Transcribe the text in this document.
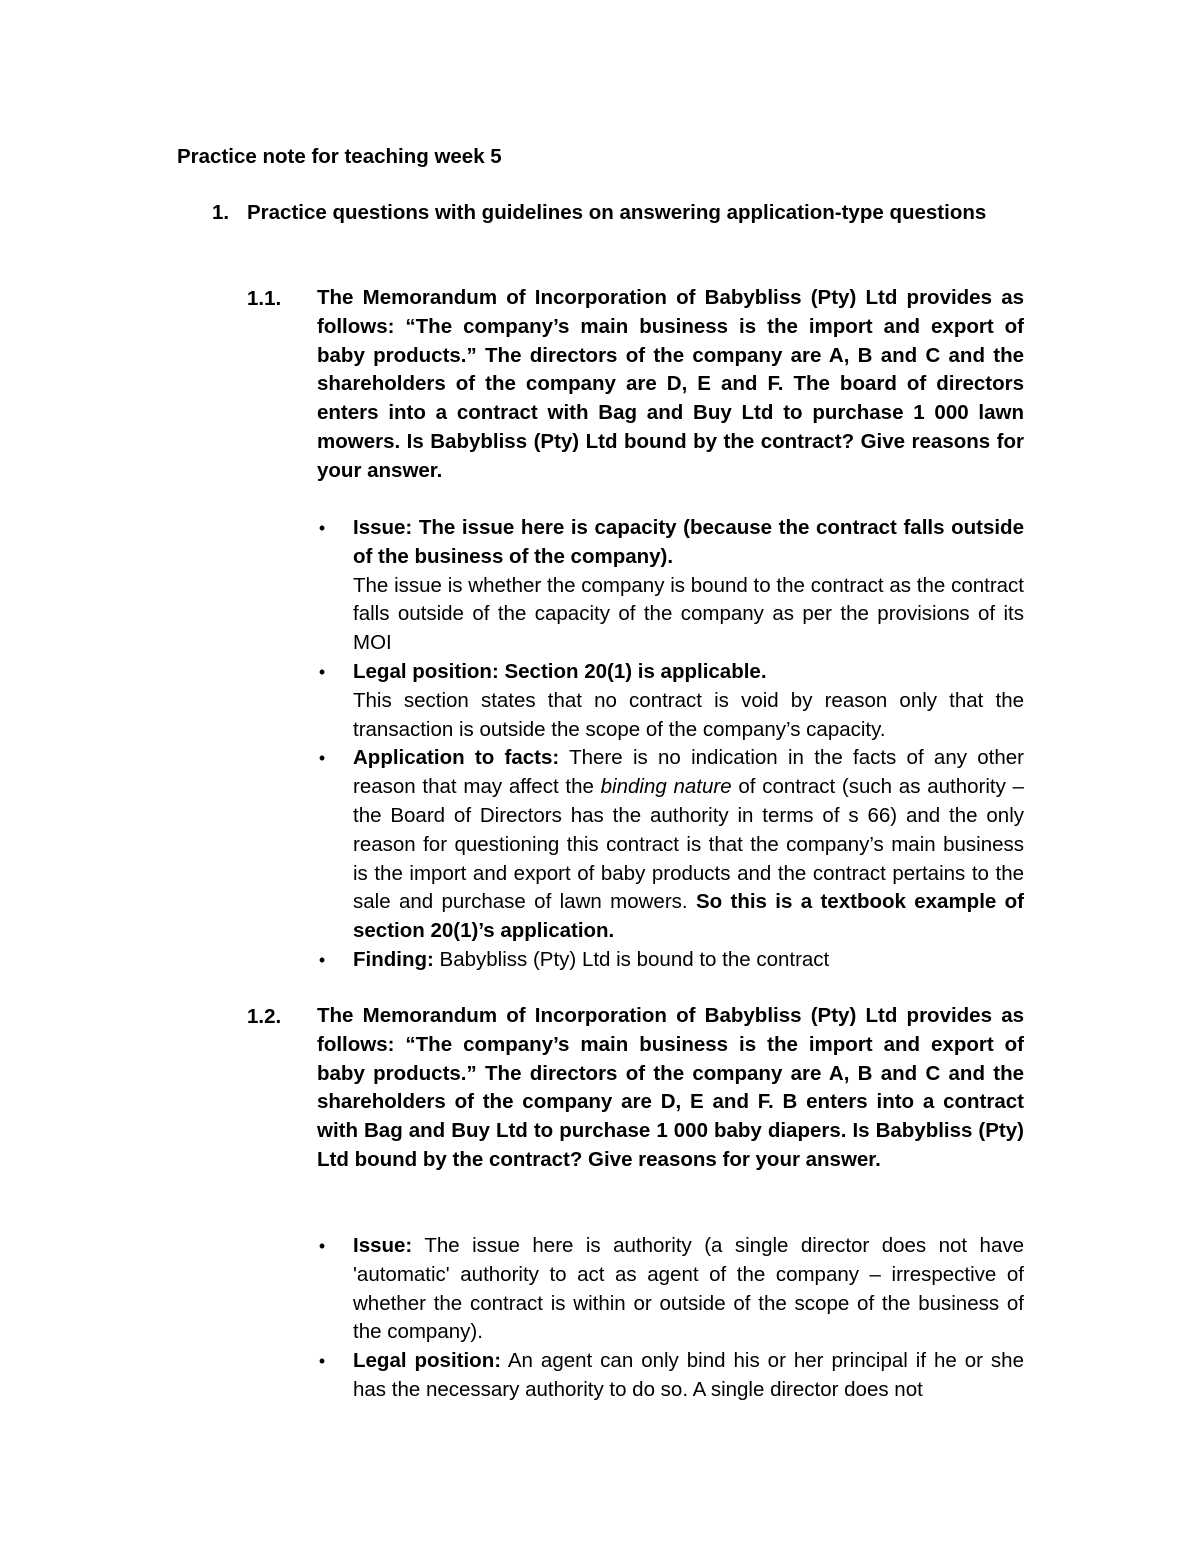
Practice note for teaching week 5
1. Practice questions with guidelines on answering application-type questions
1.1. The Memorandum of Incorporation of Babybliss (Pty) Ltd provides as follows: “The company’s main business is the import and export of baby products.” The directors of the company are A, B and C and the shareholders of the company are D, E and F. The board of directors enters into a contract with Bag and Buy Ltd to purchase 1 000 lawn mowers. Is Babybliss (Pty) Ltd bound by the contract? Give reasons for your answer.
• Issue: The issue here is capacity (because the contract falls outside of the business of the company).
The issue is whether the company is bound to the contract as the contract falls outside of the capacity of the company as per the provisions of its MOI
• Legal position: Section 20(1) is applicable.
This section states that no contract is void by reason only that the transaction is outside the scope of the company’s capacity.
• Application to facts: There is no indication in the facts of any other reason that may affect the binding nature of contract (such as authority – the Board of Directors has the authority in terms of s 66) and the only reason for questioning this contract is that the company’s main business is the import and export of baby products and the contract pertains to the sale and purchase of lawn mowers. So this is a textbook example of section 20(1)’s application.
• Finding: Babybliss (Pty) Ltd is bound to the contract
1.2. The Memorandum of Incorporation of Babybliss (Pty) Ltd provides as follows: “The company’s main business is the import and export of baby products.” The directors of the company are A, B and C and the shareholders of the company are D, E and F. B enters into a contract with Bag and Buy Ltd to purchase 1 000 baby diapers. Is Babybliss (Pty) Ltd bound by the contract? Give reasons for your answer.
• Issue: The issue here is authority (a single director does not have 'automatic' authority to act as agent of the company – irrespective of whether the contract is within or outside of the scope of the business of the company).
• Legal position: An agent can only bind his or her principal if he or she has the necessary authority to do so. A single director does not
